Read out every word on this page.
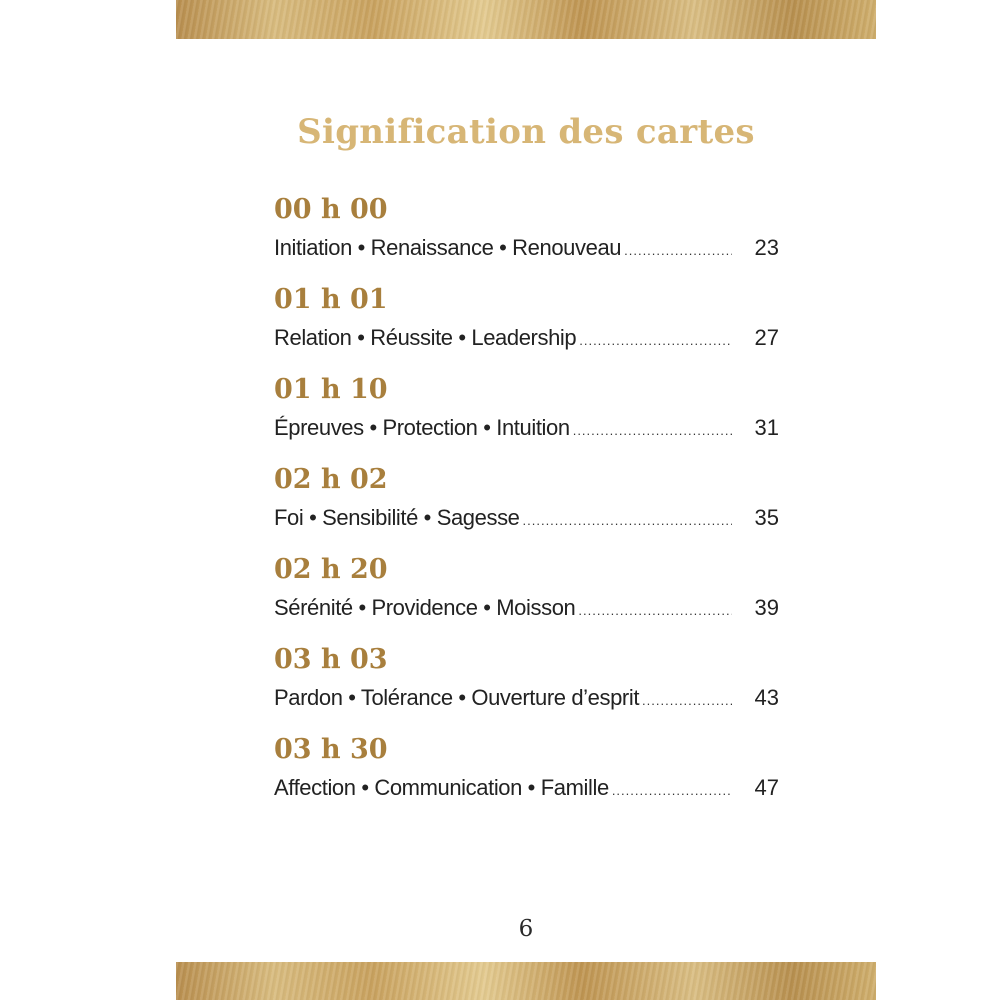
Signification des cartes
00 h 00
Initiation • Renaissance • Renouveau .....	23
01 h 01
Relation • Réussite • Leadership .....	27
01 h 10
Épreuves • Protection • Intuition .....	31
02 h 02
Foi • Sensibilité • Sagesse .....	35
02 h 20
Sérénité • Providence • Moisson .....	39
03 h 03
Pardon • Tolérance • Ouverture d’esprit .....	43
03 h 30
Affection • Communication • Famille .....	47
6
